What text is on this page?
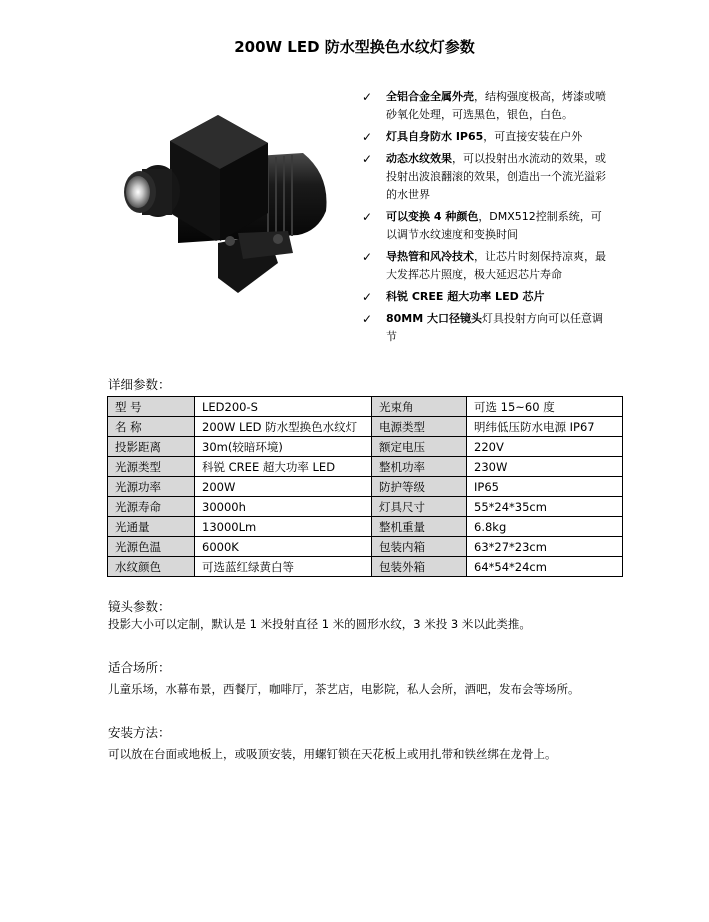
200W LED 防水型换色水纹灯参数
✓ 全铝合金全属外壳，结构强度极高，烤漆或喷砂氧化处理，可选黑色，银色，白色。
✓ 灯具自身防水 IP65，可直接安装在户外
✓ 动态水纹效果，可以投射出水流动的效果，或投射出波浪翻滚的效果，创造出一个流光溢彩的水世界
✓ 可以变换 4 种颜色，DMX512控制系统，可以调节水纹速度和变换时间
✓ 导热管和风冷技术，让芯片时刻保持凉爽，最大发挥芯片照度，极大延迟芯片寿命
✓ 科锐 CREE 超大功率 LED 芯片
✓ 80MM 大口径镜头灯具投射方向可以任意调节
详细参数：
型 号	LED200-S	光束角	可选 15~60 度
名 称	200W LED 防水型换色水纹灯	电源类型	明纬低压防水电源 IP67
投影距离	30m(较暗环境)	额定电压	220V
光源类型	科锐 CREE 超大功率 LED	整机功率	230W
光源功率	200W	防护等级	IP65
光源寿命	30000h	灯具尺寸	55*24*35cm
光通量	13000Lm	整机重量	6.8kg
光源色温	6000K	包装内箱	63*27*23cm
水纹颜色	可选蓝红绿黄白等	包装外箱	64*54*24cm
镜头参数：
投影大小可以定制，默认是 1 米投射直径 1 米的圆形水纹，3 米投 3 米以此类推。
适合场所：
儿童乐场，水幕布景，西餐厅，咖啡厅，茶艺店，电影院，私人会所，酒吧，发布会等场所。
安装方法：
可以放在台面或地板上，或吸顶安装，用螺钉锁在天花板上或用扎带和铁丝绑在龙骨上。
